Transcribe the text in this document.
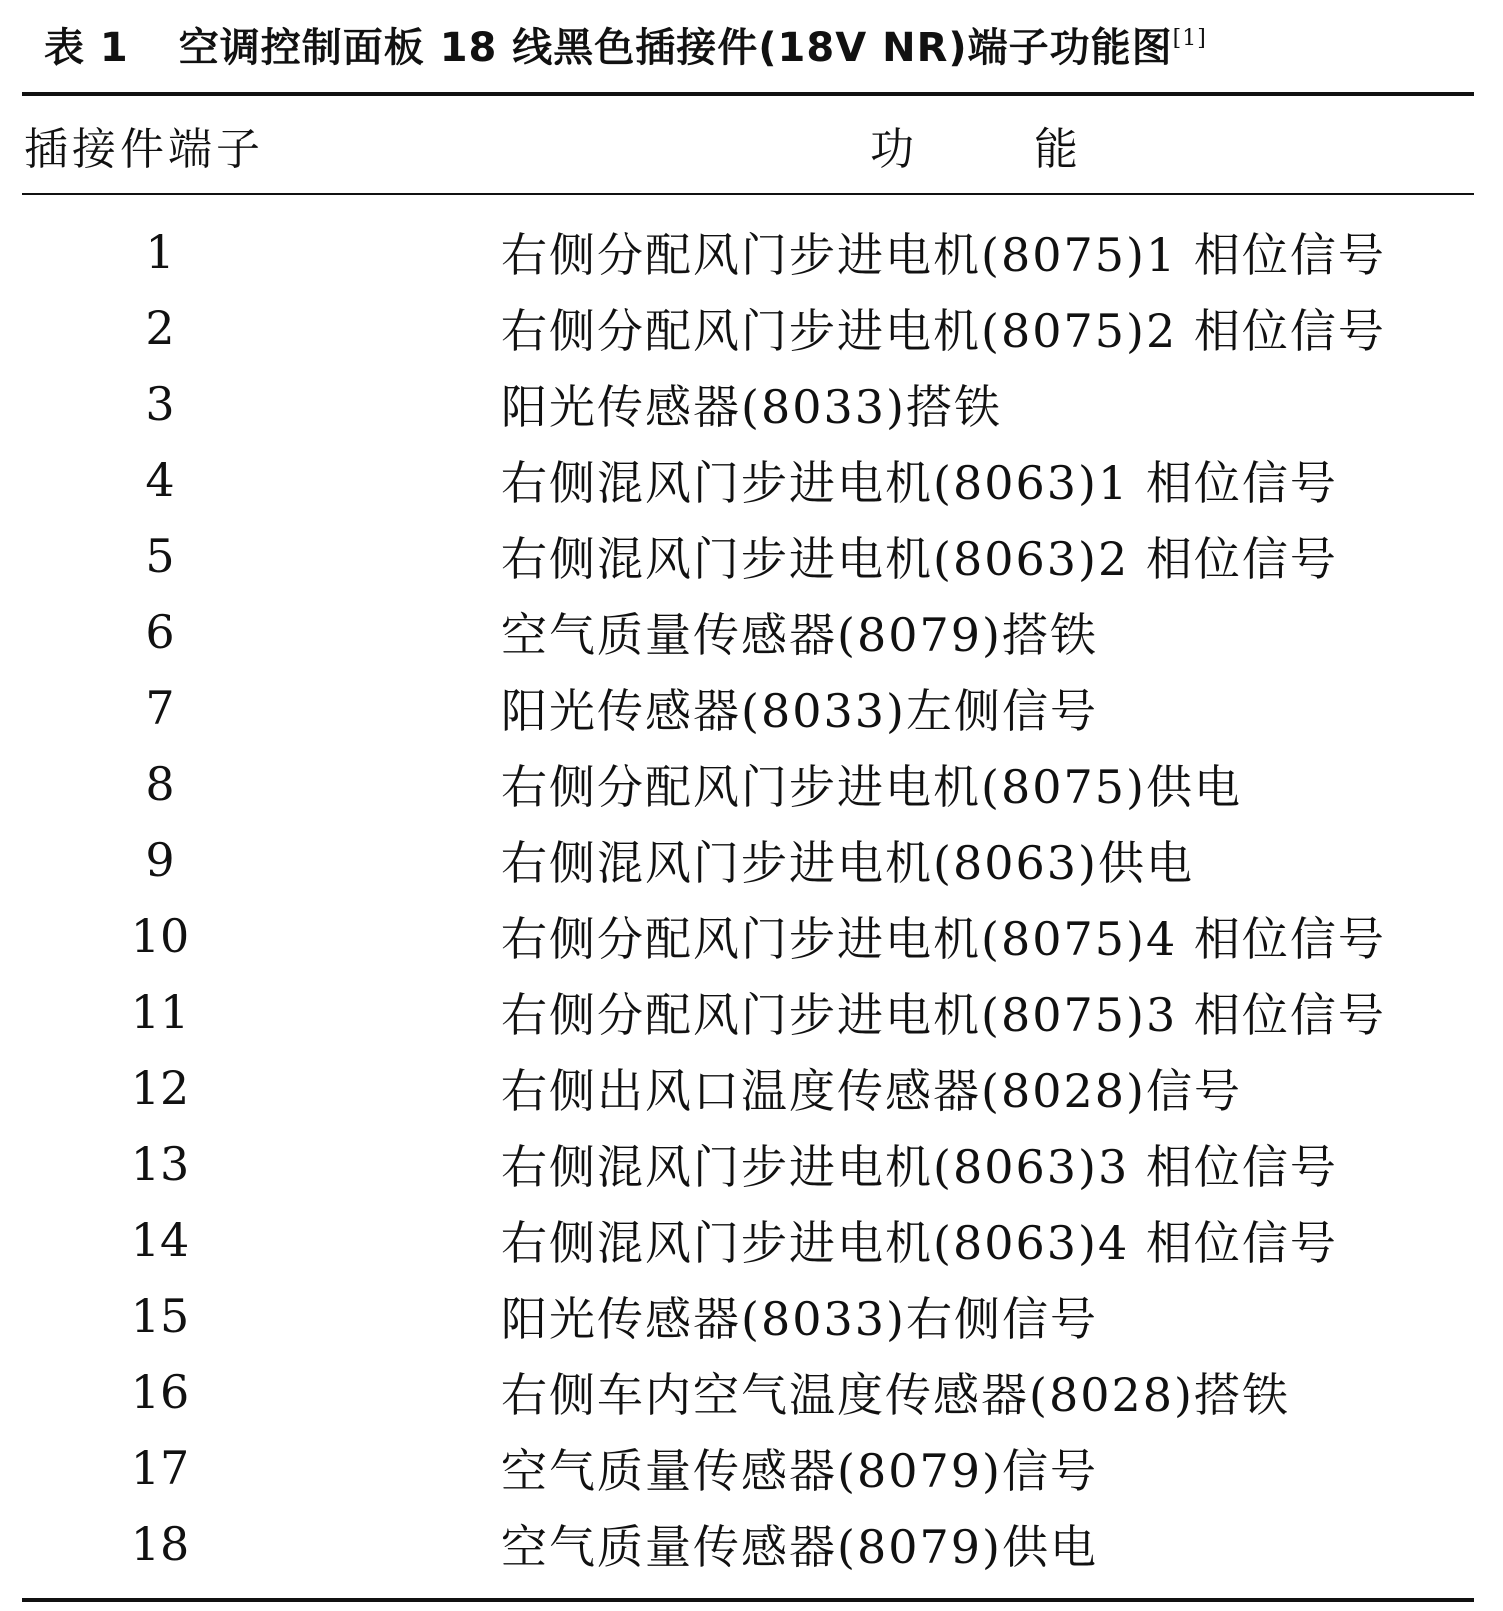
表 1 空调控制面板 18 线黑色插接件(18V NR)端子功能图[1]
插接件端子	功能
1	右侧分配风门步进电机(8075)1 相位信号
2	右侧分配风门步进电机(8075)2 相位信号
3	阳光传感器(8033)搭铁
4	右侧混风门步进电机(8063)1 相位信号
5	右侧混风门步进电机(8063)2 相位信号
6	空气质量传感器(8079)搭铁
7	阳光传感器(8033)左侧信号
8	右侧分配风门步进电机(8075)供电
9	右侧混风门步进电机(8063)供电
10	右侧分配风门步进电机(8075)4 相位信号
11	右侧分配风门步进电机(8075)3 相位信号
12	右侧出风口温度传感器(8028)信号
13	右侧混风门步进电机(8063)3 相位信号
14	右侧混风门步进电机(8063)4 相位信号
15	阳光传感器(8033)右侧信号
16	右侧车内空气温度传感器(8028)搭铁
17	空气质量传感器(8079)信号
18	空气质量传感器(8079)供电
